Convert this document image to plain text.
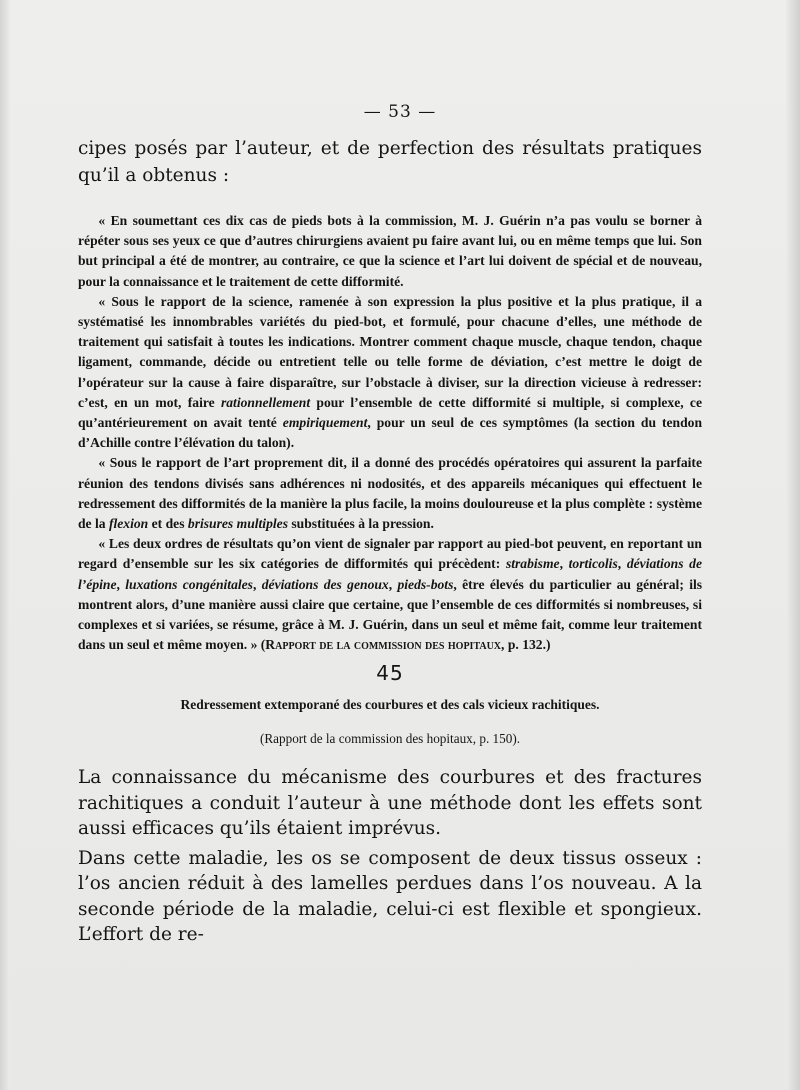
— 53 —

cipes posés par l’auteur, et de perfection des résultats pratiques qu’il a obtenus :

« En soumettant ces dix cas de pieds bots à la commission, M. J. Guérin n’a pas voulu se borner à répéter sous ses yeux ce que d’autres chirurgiens avaient pu faire avant lui, ou en même temps que lui. Son but principal a été de montrer, au contraire, ce que la science et l’art lui doivent de spécial et de nouveau, pour la connaissance et le traitement de cette difformité.

« Sous le rapport de la science, ramenée à son expression la plus positive et la plus pratique, il a systématisé les innombrables variétés du pied-bot, et formulé, pour chacune d’elles, une méthode de traitement qui satisfait à toutes les indications. Montrer comment chaque muscle, chaque tendon, chaque ligament, commande, décide ou entretient telle ou telle forme de déviation, c’est mettre le doigt de l’opérateur sur la cause à faire disparaître, sur l’obstacle à diviser, sur la direction vicieuse à redresser: c’est, en un mot, faire rationnellement pour l’ensemble de cette difformité si multiple, si complexe, ce qu’antérieurement on avait tenté empiriquement, pour un seul de ces symptômes (la section du tendon d’Achille contre l’élévation du talon).

« Sous le rapport de l’art proprement dit, il a donné des procédés opératoires qui assurent la parfaite réunion des tendons divisés sans adhérences ni nodosités, et des appareils mécaniques qui effectuent le redressement des difformités de la manière la plus facile, la moins douloureuse et la plus complète : système de la flexion et des brisures multiples substituées à la pression.

« Les deux ordres de résultats qu’on vient de signaler par rapport au pied-bot peuvent, en reportant un regard d’ensemble sur les six catégories de difformités qui précèdent: strabisme, torticolis, déviations de l’épine, luxations congénitales, déviations des genoux, pieds-bots, être élevés du particulier au général; ils montrent alors, d’une manière aussi claire que certaine, que l’ensemble de ces difformités si nombreuses, si complexes et si variées, se résume, grâce à M. J. Guérin, dans un seul et même fait, comme leur traitement dans un seul et même moyen. » (Rapport de la commission des hopitaux, p. 132.)

45
Redressement extemporané des courbures et des cals vicieux rachitiques.
(Rapport de la commission des hopitaux, p. 150).

La connaissance du mécanisme des courbures et des fractures rachitiques a conduit l’auteur à une méthode dont les effets sont aussi efficaces qu’ils étaient imprévus.

Dans cette maladie, les os se composent de deux tissus osseux : l’os ancien réduit à des lamelles perdues dans l’os nouveau. A la seconde période de la maladie, celui-ci est flexible et spongieux. L’effort de re-
